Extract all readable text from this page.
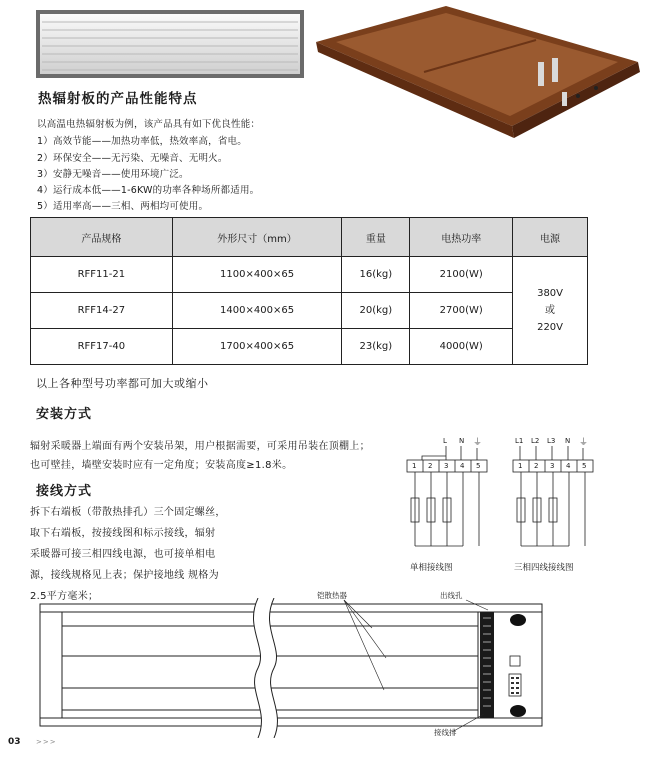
热辐射板的产品性能特点
以高温电热辐射板为例，该产品具有如下优良性能：
1）高效节能——加热功率低，热效率高，省电。
2）环保安全——无污染、无噪音、无明火。
3）安静无噪音——使用环境广泛。
4）运行成本低——1-6KW的功率各种场所都适用。
5）适用率高——三相、两相均可使用。
产品规格	外形尺寸（mm）	重量	电热功率	电源
RFF11-21	1100×400×65	16(kg)	2100(W)	380V
或
220V

RFF14-27	1400×400×65	20(kg)	2700(W)	
RFF17-40	1700×400×65	23(kg)	4000(W)	
以上各种型号功率都可加大或缩小
安装方式
辐射采暖器上端面有两个安装吊架，用户根据需要，可采用吊装在顶棚上；
也可壁挂，墙壁安装时应有一定角度；安装高度≥1.8米。
接线方式
拆下右端板（带散热排孔）三个固定螺丝，
取下右端板，按接线图和标示接线，辐射
采暖器可接三相四线电源，也可接单相电
源，接线规格见上表；保护接地线 规格为
2.5平方毫米；
L N ⏚
1 2 3 4 5
单相接线图
L1 L2 L3 N ⏚
1 2 3 4 5
三相四线接线图
铠散热器	出线孔
接线排
03 >>>
